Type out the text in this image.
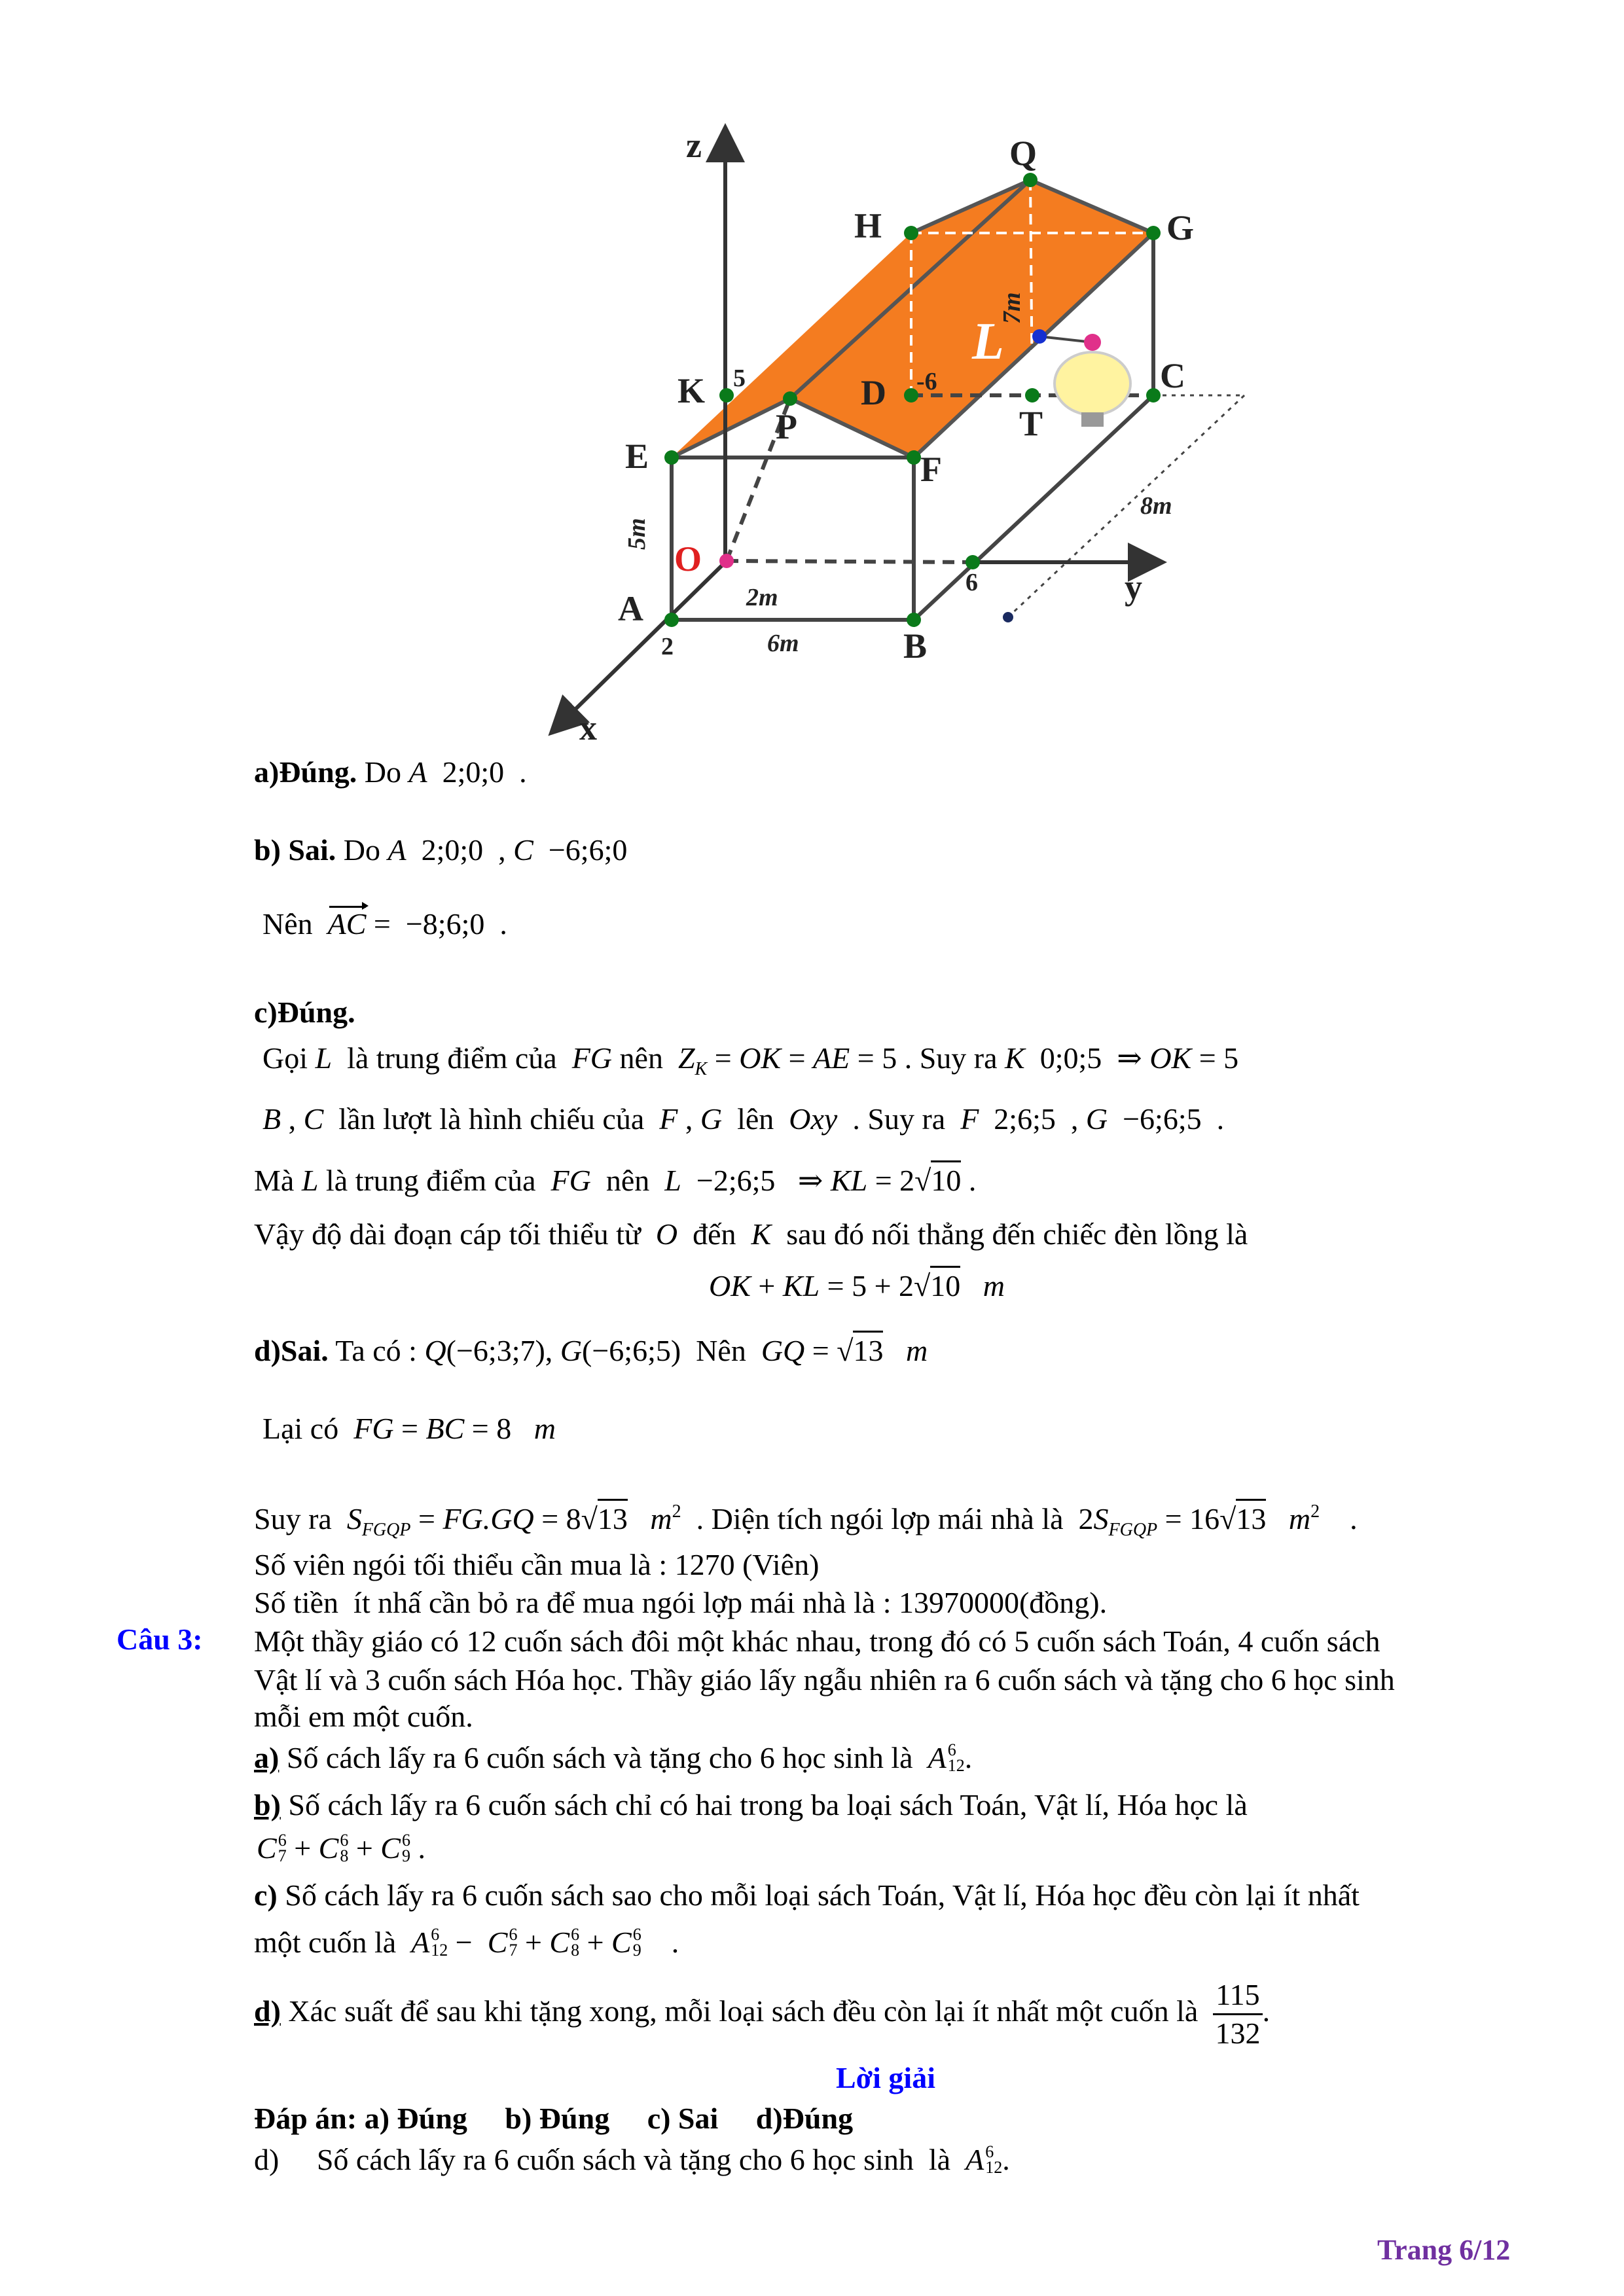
z
y
x
Q
H	G
K	D	C
E
P	T
F
O
A
B
L
5m
2m
6m
8m
7m
5	-6
6
2
a)Đúng. Do A  2;0;0  .
b) Sai. Do A  2;0;0  , C  −6;6;0
Nên  AC =  −8;6;0  .
c)Đúng.
Gọi L  là trung điểm của  FG nên  $Z_K$ = OK = AE = 5 . Suy ra K  0;0;5  ⇒ OK = 5
B , C  lần lượt là hình chiếu của  F , G  lên  Oxy  . Suy ra  F  2;6;5  , G  −6;6;5  .
Mà L là trung điểm của  FG  nên  L  −2;6;5   ⇒ KL = 2√10 .
Vậy độ dài đoạn cáp tối thiểu từ  O  đến  K  sau đó nối thẳng đến chiếc đèn lồng là
OK + KL = 5 + 2√10 m
d)Sai. Ta có : Q(−6;3;7), G(−6;6;5)  Nên  GQ = √13 m
Lại có  FG = BC = 8   m
Suy ra  $S_{FGQP} = FG.GQ = 8√13$ $m^2$  . Diện tích ngói lợp mái nhà là  $2S_{FGQP} = 16√13$ $m^2$    .
Số viên ngói tối thiểu cần mua là : 1270 (Viên)
Số tiền  ít nhấ cần bỏ ra để mua ngói lợp mái nhà là : 13970000(đồng).
Câu 3: Một thầy giáo có 12 cuốn sách đôi một khác nhau, trong đó có 5 cuốn sách Toán, 4 cuốn sách
Vật lí và 3 cuốn sách Hóa học. Thầy giáo lấy ngẫu nhiên ra 6 cuốn sách và tặng cho 6 học sinh
mỗi em một cuốn.
a) Số cách lấy ra 6 cuốn sách và tặng cho 6 học sinh là A 6
12 .
b) Số cách lấy ra 6 cuốn sách chỉ có hai trong ba loại sách Toán, Vật lí, Hóa học là
C 6
7 + C 6
8 + C 6
9 .
c) Số cách lấy ra 6 cuốn sách sao cho mỗi loại sách Toán, Vật lí, Hóa học đều còn lại ít nhất
một cuốn là A 6
12 − C 6
7 + C 6
8 + C 6
9 .
d) Xác suất để sau khi tặng xong, mỗi loại sách đều còn lại ít nhất một cuốn là $\frac{115}{132}$ .
Lời giải
Đáp án: a) Đúng     b) Đúng     c) Sai     d)Đúng
d)     Số cách lấy ra 6 cuốn sách và tặng cho 6 học sinh  là A 6
12 .
Trang 6/12
